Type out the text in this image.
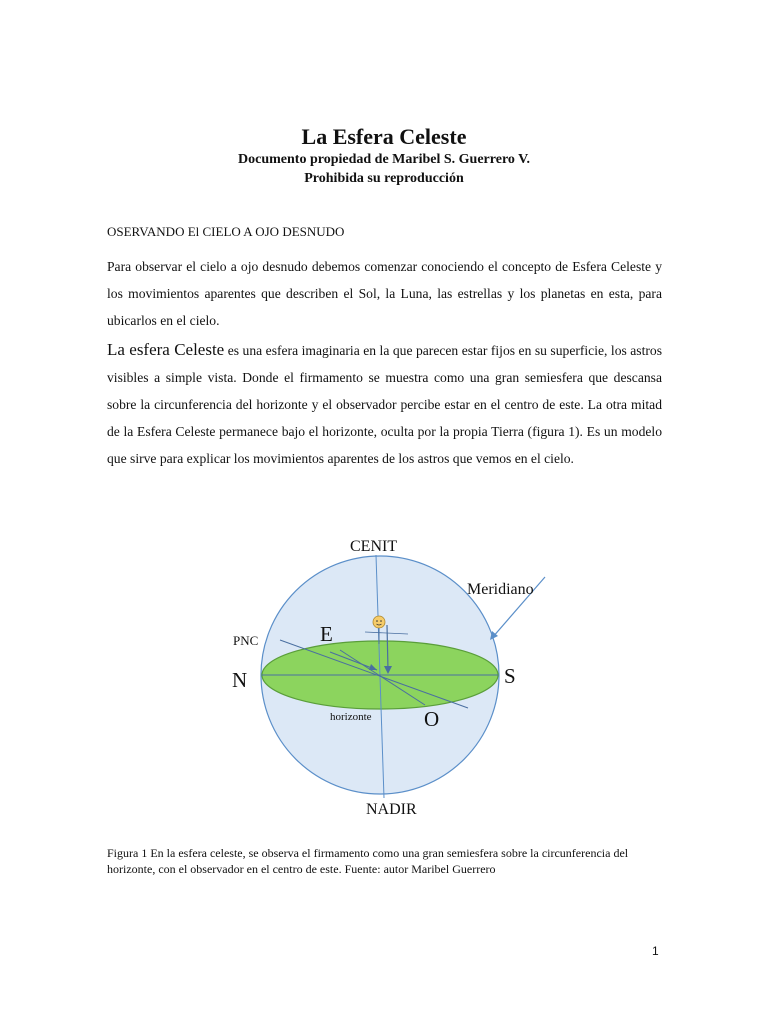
La Esfera Celeste

Documento propiedad de Maribel S. Guerrero V.

Prohibida su reproducción

OSERVANDO El CIELO A OJO DESNUDO

Para observar el cielo a ojo desnudo debemos comenzar conociendo el concepto de Esfera Celeste y los movimientos aparentes que describen el Sol, la Luna, las estrellas y los planetas en esta, para ubicarlos en el cielo.

La esfera Celeste es una esfera imaginaria en la que parecen estar fijos en su superficie, los astros visibles a simple vista. Donde el firmamento se muestra como una gran semiesfera que descansa sobre la circunferencia del horizonte y el observador percibe estar en el centro de este. La otra mitad de la Esfera Celeste permanece bajo el horizonte, oculta por la propia Tierra (figura 1). Es un modelo que sirve para explicar los movimientos aparentes de los astros que vemos en el cielo.

CENIT
NADIR
Meridiano
PNC	E
N	S
O
horizonte

Figura 1 En la esfera celeste, se observa el firmamento como una gran semiesfera sobre la circunferencia del horizonte, con el observador en el centro de este. Fuente: autor Maribel Guerrero

1
